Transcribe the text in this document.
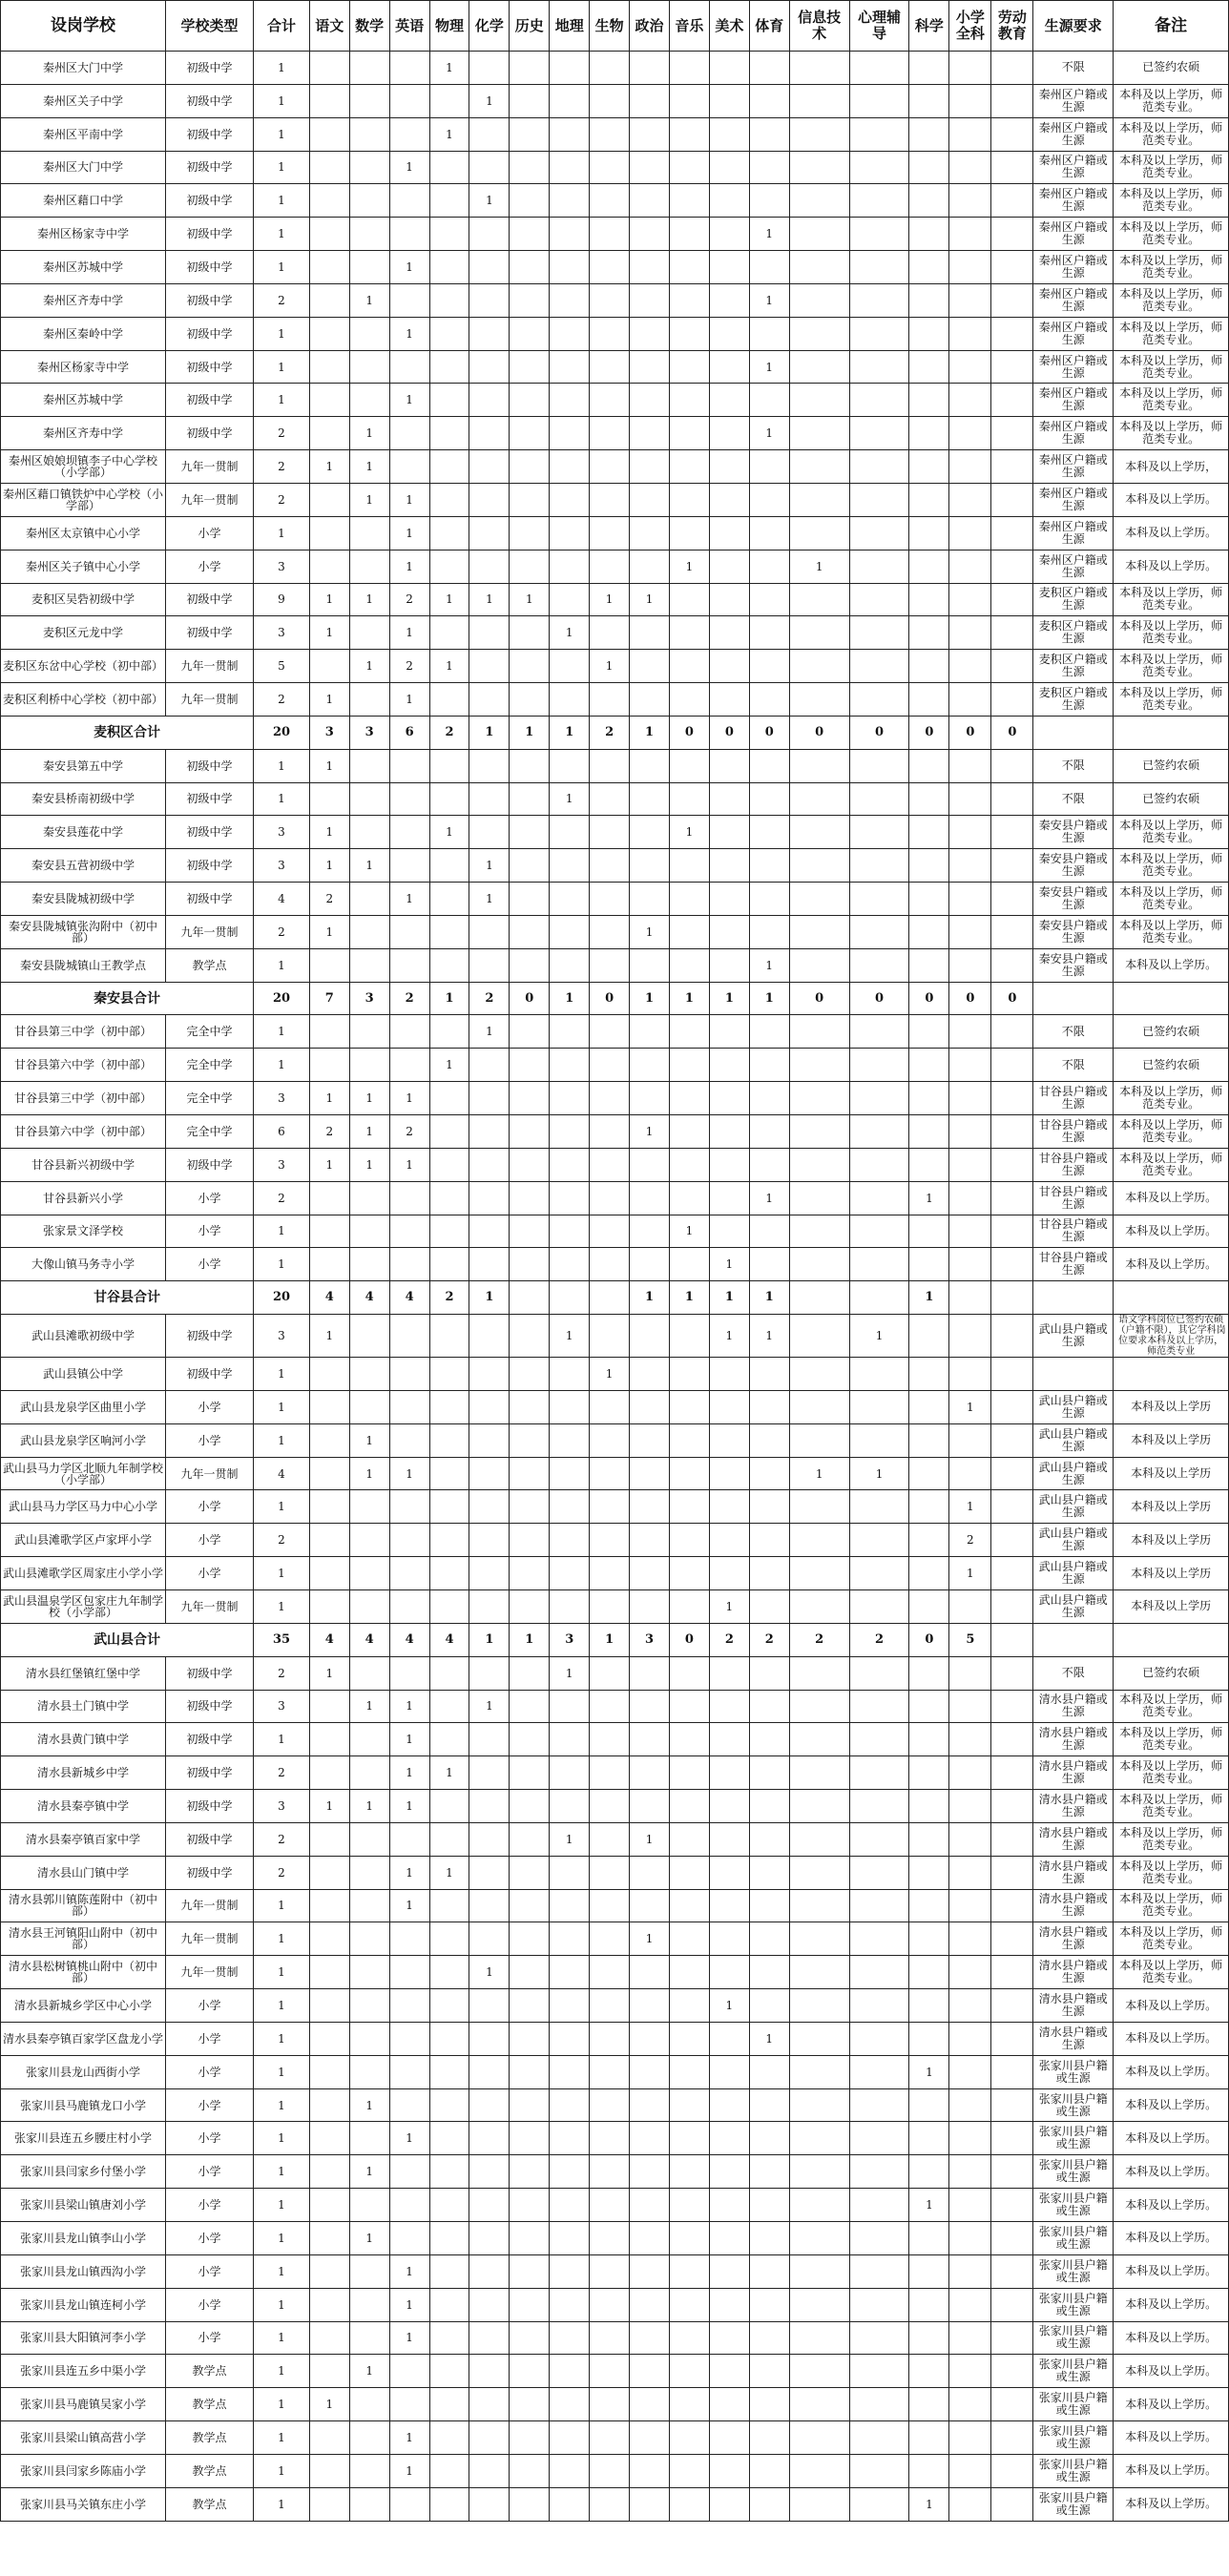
设岗学校	学校类型	合计	语文	数学	英语	物理	化学	历史	地理	生物	政治	音乐	美术	体育	信息技术	心理辅导	科学	小学全科	劳动教育	生源要求	备注
秦州区大门中学	初级中学	1				1														不限	已签约农硕
秦州区关子中学	初级中学	1					1													秦州区户籍或生源	本科及以上学历，师范类专业。
秦州区平南中学	初级中学	1				1														秦州区户籍或生源	本科及以上学历，师范类专业。
秦州区大门中学	初级中学	1			1															秦州区户籍或生源	本科及以上学历，师范类专业。
秦州区藉口中学	初级中学	1					1													秦州区户籍或生源	本科及以上学历，师范类专业。
秦州区杨家寺中学	初级中学	1												1						秦州区户籍或生源	本科及以上学历，师范类专业。
秦州区苏城中学	初级中学	1			1															秦州区户籍或生源	本科及以上学历，师范类专业。
秦州区齐寿中学	初级中学	2		1										1						秦州区户籍或生源	本科及以上学历，师范类专业。
秦州区秦岭中学	初级中学	1			1															秦州区户籍或生源	本科及以上学历，师范类专业。
秦州区杨家寺中学	初级中学	1												1						秦州区户籍或生源	本科及以上学历，师范类专业。
秦州区苏城中学	初级中学	1			1															秦州区户籍或生源	本科及以上学历，师范类专业。
秦州区齐寿中学	初级中学	2		1										1						秦州区户籍或生源	本科及以上学历，师范类专业。
秦州区娘娘坝镇李子中心学校（小学部）	九年一贯制	2	1	1																秦州区户籍或生源	本科及以上学历，
秦州区藉口镇铁炉中心学校（小学部）	九年一贯制	2		1	1															秦州区户籍或生源	本科及以上学历。
秦州区太京镇中心小学	小学	1			1															秦州区户籍或生源	本科及以上学历。
秦州区关子镇中心小学	小学	3			1							1			1					秦州区户籍或生源	本科及以上学历。
麦积区吴砦初级中学	初级中学	9	1	1	2	1	1	1		1	1									麦积区户籍或生源	本科及以上学历，师范类专业。
麦积区元龙中学	初级中学	3	1		1				1											麦积区户籍或生源	本科及以上学历，师范类专业。
麦积区东岔中心学校（初中部）	九年一贯制	5		1	2	1				1										麦积区户籍或生源	本科及以上学历，师范类专业。
麦积区利桥中心学校（初中部）	九年一贯制	2	1		1															麦积区户籍或生源	本科及以上学历，师范类专业。
麦积区合计		20	3	3	6	2	1	1	1	2	1	0	0	0	0	0	0	0	0		
秦安县第五中学	初级中学	1	1																	不限	已签约农硕
秦安县桥南初级中学	初级中学	1							1											不限	已签约农硕
秦安县莲花中学	初级中学	3	1			1						1								秦安县户籍或生源	本科及以上学历，师范类专业。
秦安县五营初级中学	初级中学	3	1	1			1													秦安县户籍或生源	本科及以上学历，师范类专业。
秦安县陇城初级中学	初级中学	4	2		1		1													秦安县户籍或生源	本科及以上学历，师范类专业。
秦安县陇城镇张沟附中（初中部）	九年一贯制	2	1								1									秦安县户籍或生源	本科及以上学历，师范类专业。
秦安县陇城镇山王教学点	教学点	1												1						秦安县户籍或生源	本科及以上学历。
秦安县合计		20	7	3	2	1	2	0	1	0	1	1	1	1	0	0	0	0	0		
甘谷县第三中学（初中部）	完全中学	1					1													不限	已签约农硕
甘谷县第六中学（初中部）	完全中学	1				1														不限	已签约农硕
甘谷县第三中学（初中部）	完全中学	3	1	1	1															甘谷县户籍或生源	本科及以上学历，师范类专业。
甘谷县第六中学（初中部）	完全中学	6	2	1	2						1									甘谷县户籍或生源	本科及以上学历，师范类专业。
甘谷县新兴初级中学	初级中学	3	1	1	1															甘谷县户籍或生源	本科及以上学历，师范类专业。
甘谷县新兴小学	小学	2												1			1			甘谷县户籍或生源	本科及以上学历。
张家景文泽学校	小学	1										1								甘谷县户籍或生源	本科及以上学历。
大像山镇马务寺小学	小学	1											1							甘谷县户籍或生源	本科及以上学历。
甘谷县合计		20	4	4	4	2	1				1	1	1	1			1				
武山县滩歌初级中学	初级中学	3	1						1				1	1		1				武山县户籍或生源	语文学科岗位已签约农硕（户籍不限），其它学科岗位要求本科及以上学历，师范类专业
武山县镇公中学	初级中学	1								1											
武山县龙泉学区曲里小学	小学	1																1		武山县户籍或生源	本科及以上学历
武山县龙泉学区响河小学	小学	1		1																武山县户籍或生源	本科及以上学历
武山县马力学区北顺九年制学校（小学部）	九年一贯制	4		1	1										1	1				武山县户籍或生源	本科及以上学历
武山县马力学区马力中心小学	小学	1																1		武山县户籍或生源	本科及以上学历
武山县滩歌学区卢家坪小学	小学	2																2		武山县户籍或生源	本科及以上学历
武山县滩歌学区周家庄小学小学	小学	1																1		武山县户籍或生源	本科及以上学历
武山县温泉学区包家庄九年制学校（小学部）	九年一贯制	1											1							武山县户籍或生源	本科及以上学历
武山县合计		35	4	4	4	4	1	1	3	1	3	0	2	2	2	2	0	5			
清水县红堡镇红堡中学	初级中学	2	1						1											不限	已签约农硕
清水县土门镇中学	初级中学	3		1	1		1													清水县户籍或生源	本科及以上学历，师范类专业。
清水县黄门镇中学	初级中学	1			1															清水县户籍或生源	本科及以上学历，师范类专业。
清水县新城乡中学	初级中学	2			1	1														清水县户籍或生源	本科及以上学历，师范类专业。
清水县秦亭镇中学	初级中学	3	1	1	1															清水县户籍或生源	本科及以上学历，师范类专业。
清水县秦亭镇百家中学	初级中学	2							1		1									清水县户籍或生源	本科及以上学历，师范类专业。
清水县山门镇中学	初级中学	2			1	1														清水县户籍或生源	本科及以上学历，师范类专业。
清水县郭川镇陈莲附中（初中部）	九年一贯制	1			1															清水县户籍或生源	本科及以上学历，师范类专业。
清水县王河镇阳山附中（初中部）	九年一贯制	1									1									清水县户籍或生源	本科及以上学历，师范类专业。
清水县松树镇桃山附中（初中部）	九年一贯制	1					1													清水县户籍或生源	本科及以上学历，师范类专业。
清水县新城乡学区中心小学	小学	1											1							清水县户籍或生源	本科及以上学历。
清水县秦亭镇百家学区盘龙小学	小学	1												1						清水县户籍或生源	本科及以上学历。
张家川县龙山西街小学	小学	1															1			张家川县户籍或生源	本科及以上学历。
张家川县马鹿镇龙口小学	小学	1		1																张家川县户籍或生源	本科及以上学历。
张家川县连五乡腰庄村小学	小学	1			1															张家川县户籍或生源	本科及以上学历。
张家川县闫家乡付堡小学	小学	1		1																张家川县户籍或生源	本科及以上学历。
张家川县梁山镇唐刘小学	小学	1															1			张家川县户籍或生源	本科及以上学历。
张家川县龙山镇李山小学	小学	1		1																张家川县户籍或生源	本科及以上学历。
张家川县龙山镇西沟小学	小学	1			1															张家川县户籍或生源	本科及以上学历。
张家川县龙山镇连柯小学	小学	1			1															张家川县户籍或生源	本科及以上学历。
张家川县大阳镇河李小学	小学	1			1															张家川县户籍或生源	本科及以上学历。
张家川县连五乡中渠小学	教学点	1		1																张家川县户籍或生源	本科及以上学历。
张家川县马鹿镇吴家小学	教学点	1	1																	张家川县户籍或生源	本科及以上学历。
张家川县梁山镇高营小学	教学点	1			1															张家川县户籍或生源	本科及以上学历。
张家川县闫家乡陈庙小学	教学点	1			1															张家川县户籍或生源	本科及以上学历。
张家川县马关镇东庄小学	教学点	1															1			张家川县户籍或生源	本科及以上学历。
